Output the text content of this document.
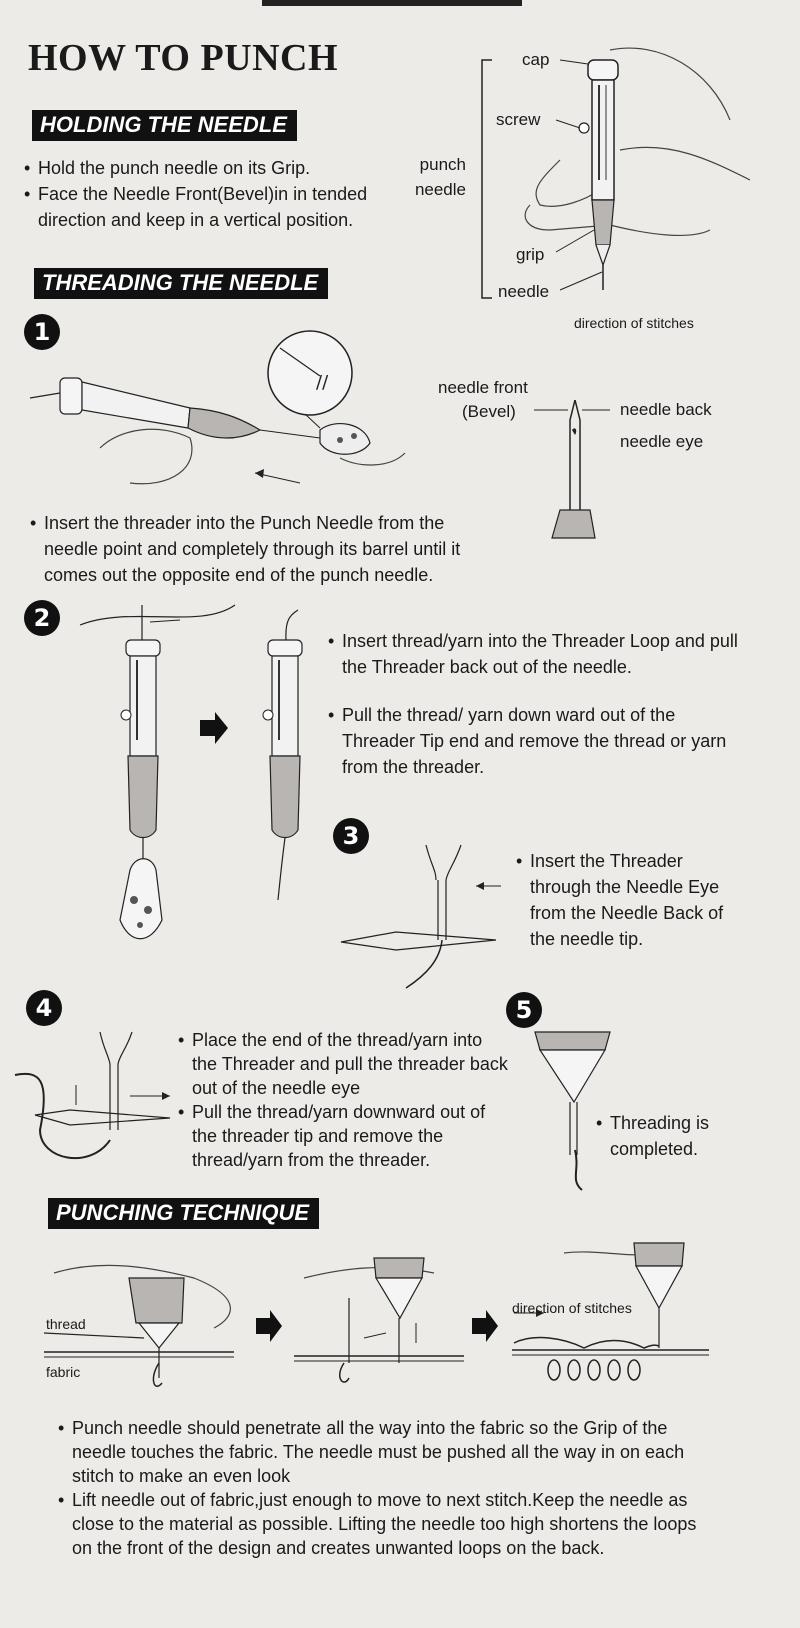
HOW TO PUNCH
HOLDING THE NEEDLE
• Hold the punch needle on its Grip.
• Face the Needle Front(Bevel)in in tended direction and keep in a vertical position.
cap
screw
punch
needle
grip
needle
direction of stitches
THREADING THE NEEDLE
1
//
• Insert the threader into the Punch Needle from the needle point and completely through its barrel until it comes out the opposite end of the punch needle.
needle front
(Bevel)	needle back
needle eye
2
• Insert thread/yarn into the Threader Loop and pull the Threader back out of the needle.
• Pull the thread/ yarn down ward out of the Threader Tip end and remove the thread or yarn from the threader.
3
• Insert the Threader through the Needle Eye from the Needle Back of the needle tip.
4
• Place the end of the thread/yarn into the Threader and pull the threader back out of the needle eye
• Pull the thread/yarn downward out of the threader tip and remove the thread/yarn from the threader.
5
• Threading is completed.
PUNCHING TECHNIQUE
thread
fabric
direction of stitches
• Punch needle should penetrate all the way into the fabric so the Grip of the needle touches the fabric. The needle must be pushed all the way in on each stitch to make an even look
• Lift needle out of fabric,just enough to move to next stitch.Keep the needle as close to the material as possible. Lifting the needle too high shortens the loops on the front of the design and creates unwanted loops on the back.
